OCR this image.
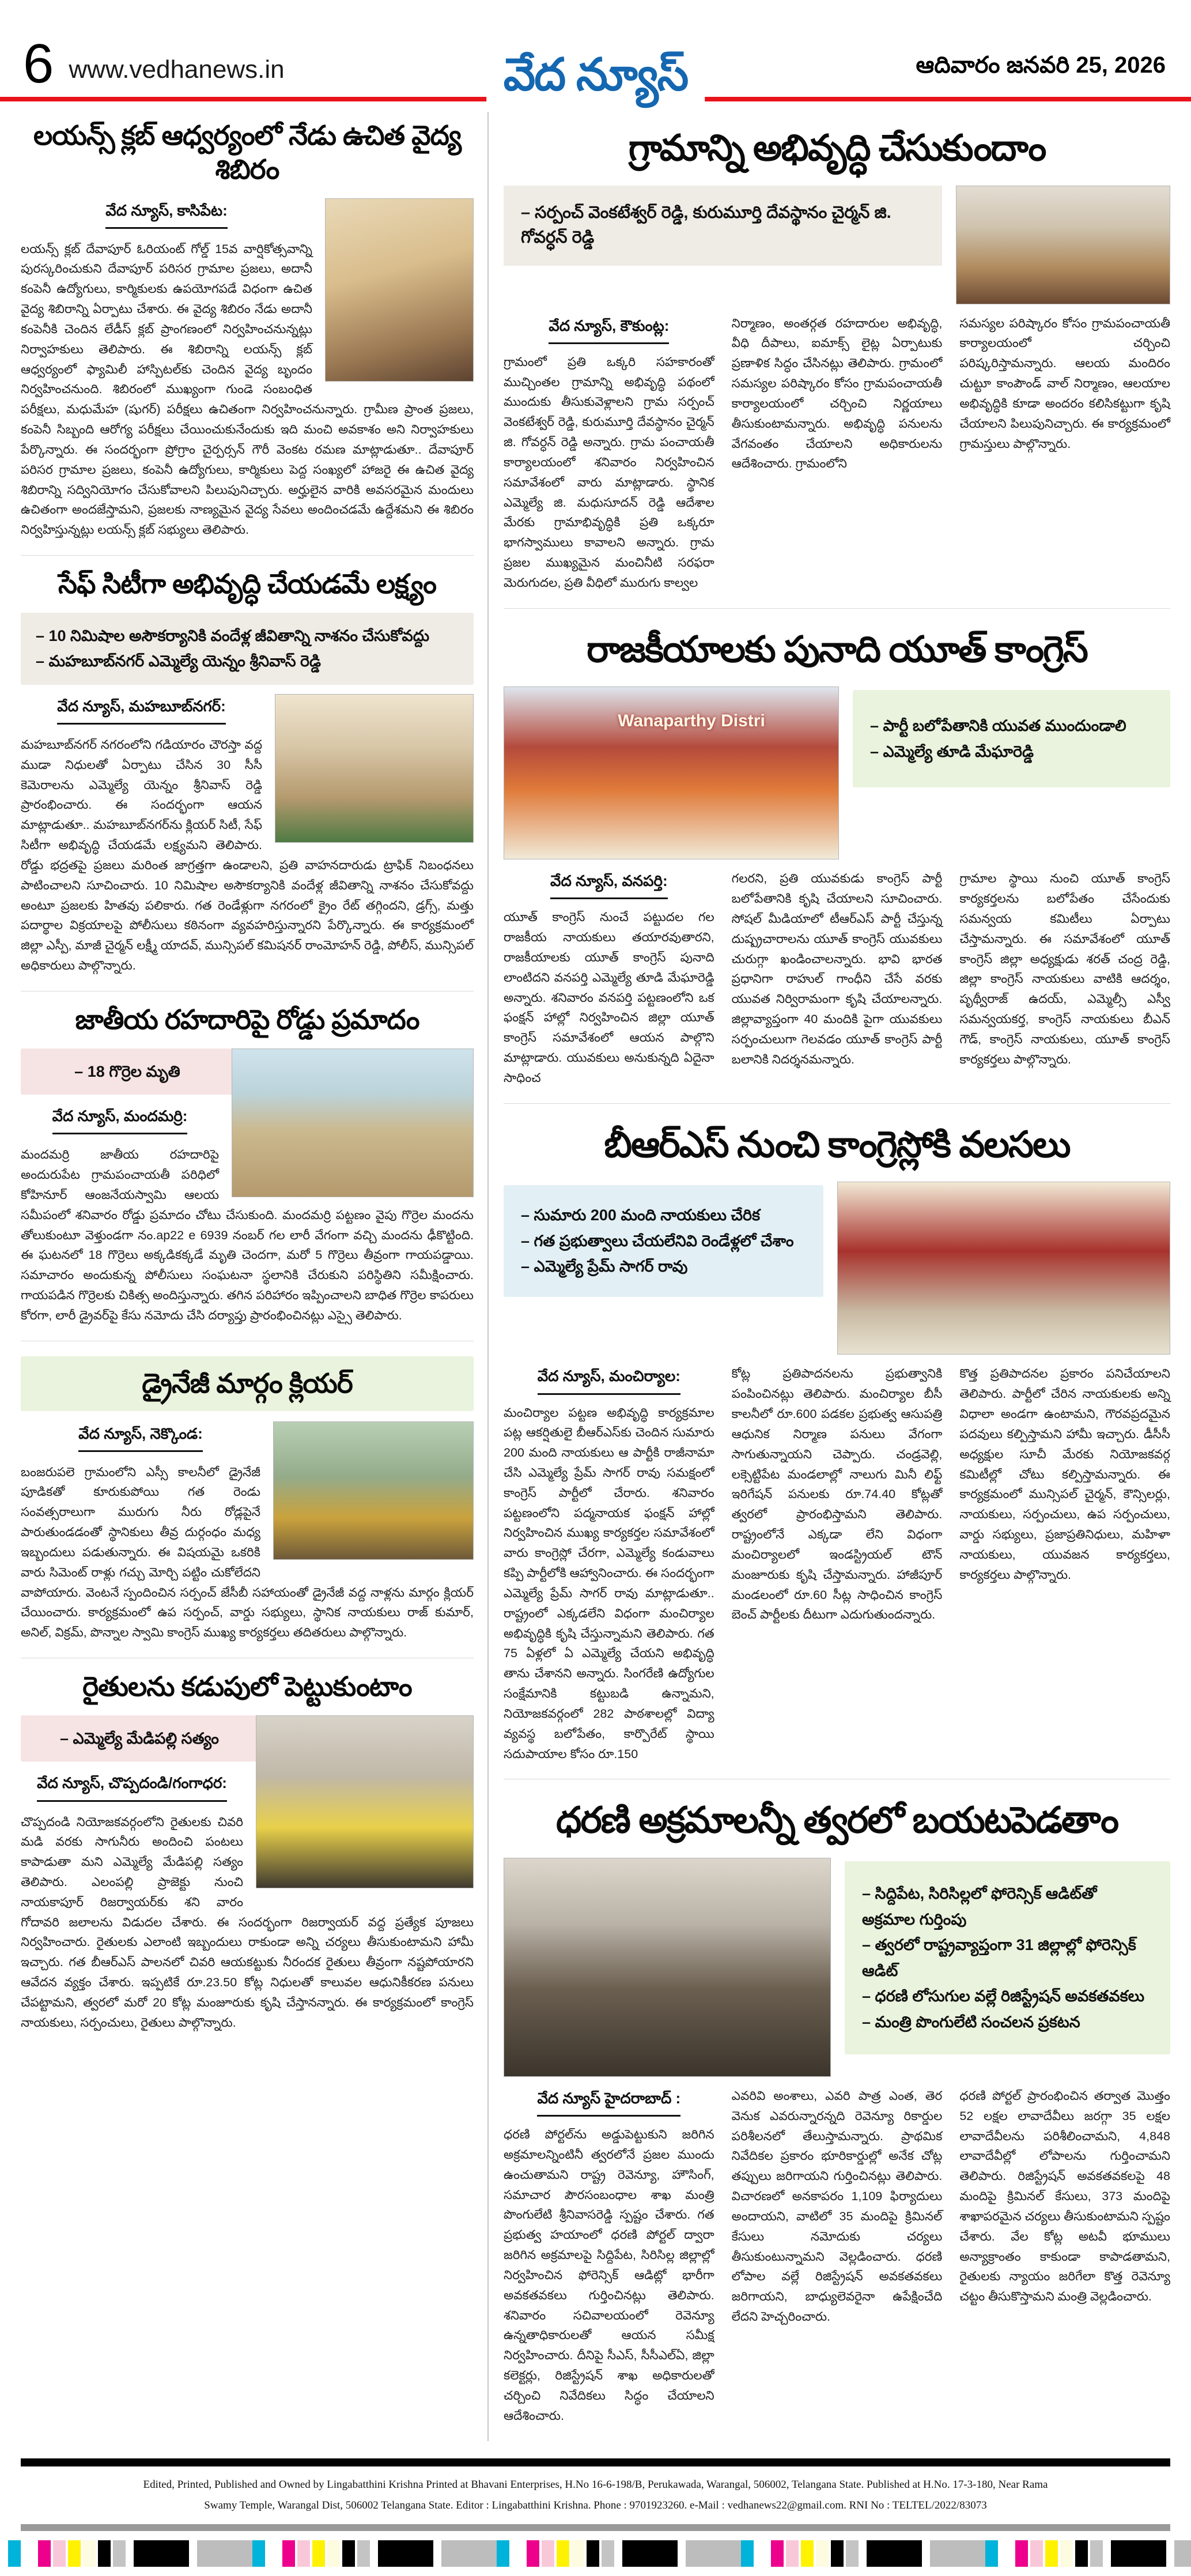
6 www.vedhanews.in	వేద న్యూస్	ఆదివారం జనవరి 25, 2026
లయన్స్ క్లబ్ ఆధ్వర్యంలో నేడు ఉచిత వైద్య శిబిరం
వేద న్యూస్, కాసిపేట:
లయన్స్ క్లబ్ దేవాపూర్ ఓరియంట్ గోల్డ్ 15వ వార్షికోత్సవాన్ని పురస్కరించుకుని దేవాపూర్ పరిసర గ్రామాల ప్రజలు, అదానీ కంపెనీ ఉద్యోగులు, కార్మికులకు ఉపయోగపడే విధంగా ఉచిత వైద్య శిబిరాన్ని ఏర్పాటు చేశారు. ఈ వైద్య శిబిరం నేడు అదానీ కంపెనీకి చెందిన లేడీస్ క్లబ్ ప్రాంగణంలో నిర్వహించనున్నట్లు నిర్వాహకులు తెలిపారు. ఈ శిబిరాన్ని లయన్స్ క్లబ్ ఆధ్వర్యంలో ఫ్యామిలీ హాస్పిటల్‌కు చెందిన వైద్య బృందం నిర్వహించనుంది. శిబిరంలో ముఖ్యంగా గుండె సంబంధిత పరీక్షలు, మధుమేహ (షుగర్) పరీక్షలు ఉచితంగా నిర్వహించనున్నారు. గ్రామీణ ప్రాంత ప్రజలు, కంపెనీ సిబ్బంది ఆరోగ్య పరీక్షలు చేయించుకునేందుకు ఇది మంచి అవకాశం అని నిర్వాహకులు పేర్కొన్నారు. ఈ సందర్భంగా ప్రోగ్రాం చైర్పర్సన్ గౌరీ వెంకట రమణ మాట్లాడుతూ.. దేవాపూర్ పరిసర గ్రామాల ప్రజలు, కంపెనీ ఉద్యోగులు, కార్మికులు పెద్ద సంఖ్యలో హాజరై ఈ ఉచిత వైద్య శిబిరాన్ని సద్వినియోగం చేసుకోవాలని పిలుపునిచ్చారు. అర్హులైన వారికి అవసరమైన మందులు ఉచితంగా అందజేస్తామని, ప్రజలకు నాణ్యమైన వైద్య సేవలు అందించడమే ఉద్దేశమని ఈ శిబిరం నిర్వహిస్తున్నట్లు లయన్స్ క్లబ్ సభ్యులు తెలిపారు.
సేఫ్ సిటీగా అభివృద్ధి చేయడమే లక్ష్యం
– 10 నిమిషాల అసౌకర్యానికి వందేళ్ల జీవితాన్ని నాశనం చేసుకోవద్దు
– మహబూబ్‌నగర్ ఎమ్మెల్యే యెన్నం శ్రీనివాస్ రెడ్డి
వేద న్యూస్, మహబూబ్‌నగర్:
మహబూబ్‌నగర్ నగరంలోని గడియారం చౌరస్తా వద్ద ముడా నిధులతో ఏర్పాటు చేసిన 30 సీసీ కెమెరాలను ఎమ్మెల్యే యెన్నం శ్రీనివాస్ రెడ్డి ప్రారంభించారు. ఈ సందర్భంగా ఆయన మాట్లాడుతూ.. మహబూబ్‌నగర్‌ను క్లియర్ సిటీ, సేఫ్ సిటీగా అభివృద్ధి చేయడమే లక్ష్యమని తెలిపారు. రోడ్డు భద్రతపై ప్రజలు మరింత జాగ్రత్తగా ఉండాలని, ప్రతి వాహనదారుడు ట్రాఫిక్ నిబంధనలు పాటించాలని సూచించారు. 10 నిమిషాల అసౌకర్యానికి వందేళ్ల జీవితాన్ని నాశనం చేసుకోవద్దు అంటూ ప్రజలకు హితవు పలికారు. గత రెండేళ్లుగా నగరంలో క్రైం రేట్ తగ్గిందని, డ్రగ్స్, మత్తు పదార్థాల విక్రయాలపై పోలీసులు కఠినంగా వ్యవహరిస్తున్నారని పేర్కొన్నారు. ఈ కార్యక్రమంలో జిల్లా ఎస్పీ, మాజీ చైర్మన్ లక్ష్మీ యాదవ్, మున్సిపల్ కమిషనర్ రాంమోహన్ రెడ్డి, పోలీస్, మున్సిపల్ అధికారులు పాల్గొన్నారు.
జాతీయ రహదారిపై రోడ్డు ప్రమాదం
– 18 గొర్రెల మృతి
వేద న్యూస్, మందమర్రి:
మందమర్రి జాతీయ రహదారిపై అందురుపేట గ్రామపంచాయతీ పరిధిలో కోహినూర్ ఆంజనేయస్వామి ఆలయ సమీపంలో శనివారం రోడ్డు ప్రమాదం చోటు చేసుకుంది. మందమర్రి పట్టణం వైపు గొర్రెల మందను తోలుకుంటూ వెళ్తుండగా నం.ap22 e 6939 నంబర్ గల లారీ వేగంగా వచ్చి మందను ఢీకొట్టింది. ఈ ఘటనలో 18 గొర్రెలు అక్కడికక్కడే మృతి చెందగా, మరో 5 గొర్రెలు తీవ్రంగా గాయపడ్డాయి. సమాచారం అందుకున్న పోలీసులు సంఘటనా స్థలానికి చేరుకుని పరిస్థితిని సమీక్షించారు. గాయపడిన గొర్రెలకు చికిత్స అందిస్తున్నారు. తగిన పరిహారం ఇప్పించాలని బాధిత గొర్రెల కాపరులు కోరగా, లారీ డ్రైవర్‌పై కేసు నమోదు చేసి దర్యాప్తు ప్రారంభించినట్లు ఎస్సై తెలిపారు.
డ్రైనేజీ మార్గం క్లియర్
వేద న్యూస్, నెక్కొండ:
బంజరుపలె గ్రామంలోని ఎస్సీ కాలనీలో డ్రైనేజీ పూడికతో కూరుకుపోయి గత రెండు సంవత్సరాలుగా మురుగు నీరు రోడ్లపైనే పారుతుండడంతో స్థానికులు తీవ్ర దుర్గంధం మధ్య ఇబ్బందులు పడుతున్నారు. ఈ విషయమై ఒకరికి వారు సిమెంట్ రాళ్లు గచ్చు మోర్చి పట్టిం చుకోలేదని వాపోయారు. వెంటనే స్పందించిన సర్పంచ్ జేసీబీ సహాయంతో డ్రైనేజీ వద్ద నాళ్లను మార్గం క్లియర్ చేయించారు. కార్యక్రమంలో ఉప సర్పంచ్, వార్డు సభ్యులు, స్థానిక నాయకులు రాజ్ కుమార్, అనిల్, విక్రమ్, పొన్నాల స్వామి కాంగ్రెస్ ముఖ్య కార్యకర్తలు తదితరులు పాల్గొన్నారు.
రైతులను కడుపులో పెట్టుకుంటాం
– ఎమ్మెల్యే మేడిపల్లి సత్యం
వేద న్యూస్, చొప్పదండి/గంగాధర:
చొప్పదండి నియోజకవర్గంలోని రైతులకు చివరి మడి వరకు సాగునీరు అందించి పంటలు కాపాడుతా మని ఎమ్మెల్యే మేడిపల్లి సత్యం తెలిపారు. ఎలంపల్లి ప్రాజెక్టు నుంచి నాయకాపూర్ రిజర్వాయర్‌కు శని వారం గోదావరి జలాలను విడుదల చేశారు. ఈ సందర్భంగా రిజర్వాయర్ వద్ద ప్రత్యేక పూజలు నిర్వహించారు. రైతులకు ఎలాంటి ఇబ్బందులు రాకుండా అన్ని చర్యలు తీసుకుంటామని హామీ ఇచ్చారు. గత బీఆర్ఎస్ పాలనలో చివరి ఆయకట్టుకు నీరందక రైతులు తీవ్రంగా నష్టపోయారని ఆవేదన వ్యక్తం చేశారు. ఇప్పటికే రూ.23.50 కోట్ల నిధులతో కాలువల ఆధునికీకరణ పనులు చేపట్టామని, త్వరలో మరో 20 కోట్ల మంజూరుకు కృషి చేస్తానన్నారు. ఈ కార్యక్రమంలో కాంగ్రెస్ నాయకులు, సర్పంచులు, రైతులు పాల్గొన్నారు.
గ్రామాన్ని అభివృద్ధి చేసుకుందాం
– సర్పంచ్ వెంకటేశ్వర్ రెడ్డి, కురుమూర్తి దేవస్థానం చైర్మన్ జి. గోవర్ధన్ రెడ్డి
వేద న్యూస్, కౌకుంట్ల:
గ్రామంలో ప్రతి ఒక్కరి సహకారంతో ముచ్చింతల గ్రామాన్ని అభివృద్ధి పథంలో ముందుకు తీసుకువెళ్లాలని గ్రామ సర్పంచ్ వెంకటేశ్వర్ రెడ్డి, కురుమూర్తి దేవస్థానం చైర్మన్ జి. గోవర్ధన్ రెడ్డి అన్నారు. గ్రామ పంచాయతీ కార్యాలయంలో శనివారం నిర్వహించిన సమావేశంలో వారు మాట్లాడారు. స్థానిక ఎమ్మెల్యే జి. మధుసూదన్ రెడ్డి ఆదేశాల మేరకు గ్రామాభివృద్ధికి ప్రతి ఒక్కరూ భాగస్వాములు కావాలని అన్నారు. గ్రామ ప్రజల ముఖ్యమైన మంచినీటి సరఫరా మెరుగుదల, ప్రతి వీధిలో మురుగు కాల్వల
నిర్మాణం, అంతర్గత రహదారుల అభివృద్ధి, వీధి దీపాలు, ఐమాక్స్ లైట్ల ఏర్పాటుకు ప్రణాళిక సిద్ధం చేసినట్లు తెలిపారు. గ్రామంలో సమస్యల పరిష్కారం కోసం గ్రామపంచాయతీ కార్యాలయంలో చర్చించి నిర్ణయాలు తీసుకుంటామన్నారు. అభివృద్ధి పనులను వేగవంతం చేయాలని అధికారులను ఆదేశించారు. గ్రామంలోని
సమస్యల పరిష్కారం కోసం గ్రామపంచాయతీ కార్యాలయంలో చర్చించి పరిష్కరిస్తామన్నారు. ఆలయ మందిరం చుట్టూ కాంపౌండ్ వాల్ నిర్మాణం, ఆలయాల అభివృద్ధికి కూడా అందరం కలిసికట్టుగా కృషి చేయాలని పిలుపునిచ్చారు. ఈ కార్యక్రమంలో గ్రామస్తులు పాల్గొన్నారు.
రాజకీయాలకు పునాది యూత్ కాంగ్రెస్
Wanaparthy Distri	– పార్టీ బలోపేతానికి యువత ముందుండాలి
– ఎమ్మెల్యే తూడి మేఘారెడ్డి
వేద న్యూస్, వనపర్తి:
యూత్ కాంగ్రెస్ నుంచే పట్టుదల గల రాజకీయ నాయకులు తయారవుతారని, రాజకీయాలకు యూత్ కాంగ్రెస్ పునాది లాంటిదని వనపర్తి ఎమ్మెల్యే తూడి మేఘారెడ్డి అన్నారు. శనివారం వనపర్తి పట్టణంలోని ఒక ఫంక్షన్ హాల్లో నిర్వహించిన జిల్లా యూత్ కాంగ్రెస్ సమావేశంలో ఆయన పాల్గొని మాట్లాడారు. యువకులు అనుకున్నది ఏదైనా సాధించ
గలరని, ప్రతి యువకుడు కాంగ్రెస్ పార్టీ బలోపేతానికి కృషి చేయాలని సూచించారు. సోషల్ మీడియాలో టీఆర్ఎస్ పార్టీ చేస్తున్న దుష్ప్రచారాలను యూత్ కాంగ్రెస్ యువకులు చురుగ్గా ఖండించాలన్నారు. భావి భారత ప్రధానిగా రాహుల్ గాంధీని చేసే వరకు యువత నిర్విరామంగా కృషి చేయాలన్నారు. జిల్లావ్యాప్తంగా 40 మందికి పైగా యువకులు సర్పంచులుగా గెలవడం యూత్ కాంగ్రెస్ పార్టీ బలానికి నిదర్శనమన్నారు.
గ్రామాల స్థాయి నుంచి యూత్ కాంగ్రెస్ కార్యకర్తలను బలోపేతం చేసేందుకు సమన్వయ కమిటీలు ఏర్పాటు చేస్తామన్నారు. ఈ సమావేశంలో యూత్ కాంగ్రెస్ జిల్లా అధ్యక్షుడు శరత్ చంద్ర రెడ్డి, జిల్లా కాంగ్రెస్ నాయకులు వాటికి ఆదర్శం, పృథ్వీరాజ్ ఉదయ్, ఎమ్మెల్సీ ఎస్వీ సమన్వయకర్త, కాంగ్రెస్ నాయకులు బీఎన్ గౌడ్, కాంగ్రెస్ నాయకులు, యూత్ కాంగ్రెస్ కార్యకర్తలు పాల్గొన్నారు.
బీఆర్ఎస్ నుంచి కాంగ్రెస్లోకి వలసలు
– సుమారు 200 మంది నాయకులు చేరిక
– గత ప్రభుత్వాలు చేయలేనివి రెండేళ్లలో చేశాం
– ఎమ్మెల్యే ప్రేమ్ సాగర్ రావు
వేద న్యూస్, మంచిర్యాల:
మంచిర్యాల పట్టణ అభివృద్ధి కార్యక్రమాల పట్ల ఆకర్షితులై బీఆర్ఎస్‌కు చెందిన సుమారు 200 మంది నాయకులు ఆ పార్టీకి రాజీనామా చేసి ఎమ్మెల్యే ప్రేమ్ సాగర్ రావు సమక్షంలో కాంగ్రెస్ పార్టీలో చేరారు. శనివారం పట్టణంలోని పద్మనాయక ఫంక్షన్ హాల్లో నిర్వహించిన ముఖ్య కార్యకర్తల సమావేశంలో వారు కాంగ్రెస్లో చేరగా, ఎమ్మెల్యే కండువాలు కప్పి పార్టీలోకి ఆహ్వానించారు. ఈ సందర్భంగా ఎమ్మెల్యే ప్రేమ్ సాగర్ రావు మాట్లాడుతూ.. రాష్ట్రంలో ఎక్కడలేని విధంగా మంచిర్యాల అభివృద్ధికి కృషి చేస్తున్నామని తెలిపారు. గత 75 ఏళ్లలో ఏ ఎమ్మెల్యే చేయని అభివృద్ధి తాను చేశానని అన్నారు. సింగరేణి ఉద్యోగుల సంక్షేమానికి కట్టుబడి ఉన్నామని, నియోజకవర్గంలో 282 పాఠశాలల్లో విద్యా వ్యవస్థ బలోపేతం, కార్పొరేట్ స్థాయి సదుపాయాల కోసం రూ.150
కోట్ల ప్రతిపాదనలను ప్రభుత్వానికి పంపించినట్లు తెలిపారు. మంచిర్యాల బీసీ కాలనీలో రూ.600 పడకల ప్రభుత్వ ఆసుపత్రి ఆధునిక నిర్మాణ పనులు వేగంగా సాగుతున్నాయని చెప్పారు. చండ్రవెల్లి, లక్సెట్టిపేట మండలాల్లో నాలుగు మినీ లిఫ్ట్ ఇరిగేషన్ పనులకు రూ.74.40 కోట్లతో త్వరలో ప్రారంభిస్తామని తెలిపారు. రాష్ట్రంలోనే ఎక్కడా లేని విధంగా మంచిర్యాలలో ఇండస్ట్రియల్ టౌన్ మంజూరుకు కృషి చేస్తామన్నారు. హాజీపూర్ మండలంలో రూ.60 సీట్ల సాధించిన కాంగ్రెస్ బెంచ్ పార్టీలకు దీటుగా ఎదుగుతుందన్నారు.
కొత్త ప్రతిపాదనల ప్రకారం పనిచేయాలని తెలిపారు. పార్టీలో చేరిన నాయకులకు అన్ని విధాలా అండగా ఉంటామని, గౌరవప్రదమైన పదవులు కల్పిస్తామని హామీ ఇచ్చారు. డీసీసీ అధ్యక్షుల సూచీ మేరకు నియోజకవర్గ కమిటీల్లో చోటు కల్పిస్తామన్నారు. ఈ కార్యక్రమంలో మున్సిపల్ చైర్మన్, కౌన్సిలర్లు, నాయకులు, సర్పంచులు, ఉప సర్పంచులు, వార్డు సభ్యులు, ప్రజాప్రతినిధులు, మహిళా నాయకులు, యువజన కార్యకర్తలు, కార్యకర్తలు పాల్గొన్నారు.
ధరణి అక్రమాలన్నీ త్వరలో బయటపెడతాం
– సిద్దిపేట, సిరిసిల్లలో ఫోరెన్సిక్ ఆడిట్‌తో అక్రమాల గుర్తింపు
– త్వరలో రాష్ట్రవ్యాప్తంగా 31 జిల్లాల్లో ఫోరెన్సిక్ ఆడిట్
– ధరణి లోసుగుల వల్లే రిజిస్ట్రేషన్ అవకతవకలు
– మంత్రి పొంగులేటి సంచలన ప్రకటన
వేద న్యూస్ హైదరాబాద్ :
ధరణి పోర్టల్‌ను అడ్డుపెట్టుకుని జరిగిన అక్రమాలన్నింటినీ త్వరలోనే ప్రజల ముందు ఉంచుతామని రాష్ట్ర రెవెన్యూ, హౌసింగ్, సమాచార పౌరసంబంధాల శాఖ మంత్రి పొంగులేటి శ్రీనివాసరెడ్డి స్పష్టం చేశారు. గత ప్రభుత్వ హయాంలో ధరణి పోర్టల్ ద్వారా జరిగిన అక్రమాలపై సిద్దిపేట, సిరిసిల్ల జిల్లాల్లో నిర్వహించిన ఫోరెన్సిక్ ఆడిట్లో భారీగా అవకతవకలు గుర్తించినట్లు తెలిపారు. శనివారం సచివాలయంలో రెవెన్యూ ఉన్నతాధికారులతో ఆయన సమీక్ష నిర్వహించారు. దీనిపై సీఎస్, సీసీఎల్ఏ, జిల్లా కలెక్టర్లు, రిజిస్ట్రేషన్ శాఖ అధికారులతో చర్చించి నివేదికలు సిద్ధం చేయాలని ఆదేశించారు.
ఎవరివి అంశాలు, ఎవరి పాత్ర ఎంత, తెర వెనుక ఎవరున్నారన్నది రెవెన్యూ రికార్డుల పరిశీలనలో తేలుస్తామన్నారు. ప్రాథమిక నివేదికల ప్రకారం భూరికార్డుల్లో అనేక చోట్ల తప్పులు జరిగాయని గుర్తించినట్లు తెలిపారు. విచారణలో అనకాపరం 1,109 ఫిర్యాదులు అందాయని, వాటిలో 35 మందిపై క్రిమినల్ కేసులు నమోదుకు చర్యలు తీసుకుంటున్నామని వెల్లడించారు. ధరణి లోపాల వల్లే రిజిస్ట్రేషన్ అవకతవకలు జరిగాయని, బాధ్యులెవరైనా ఉపేక్షించేది లేదని హెచ్చరించారు.
ధరణి పోర్టల్ ప్రారంభించిన తర్వాత మొత్తం 52 లక్షల లావాదేవీలు జరగ్గా 35 లక్షల లావాదేవీలను పరిశీలించామని, 4,848 లావాదేవీల్లో లోపాలను గుర్తించామని తెలిపారు. రిజిస్ట్రేషన్ అవకతవకలపై 48 మందిపై క్రిమినల్ కేసులు, 373 మందిపై శాఖాపరమైన చర్యలు తీసుకుంటామని స్పష్టం చేశారు. వేల కోట్ల అటవీ భూములు అన్యాక్రాంతం కాకుండా కాపాడతామని, రైతులకు న్యాయం జరిగేలా కొత్త రెవెన్యూ చట్టం తీసుకొస్తామని మంత్రి వెల్లడించారు.
Edited, Printed, Published and Owned by Lingabatthini Krishna Printed at Bhavani Enterprises, H.No 16-6-198/B, Perukawada, Warangal, 506002, Telangana State. Published at H.No. 17-3-180, Near Rama
Swamy Temple, Warangal Dist, 506002 Telangana State. Editor : Lingabatthini Krishna. Phone : 9701923260. e-Mail : vedhanews22@gmail.com. RNI No : TELTEL/2022/83073
